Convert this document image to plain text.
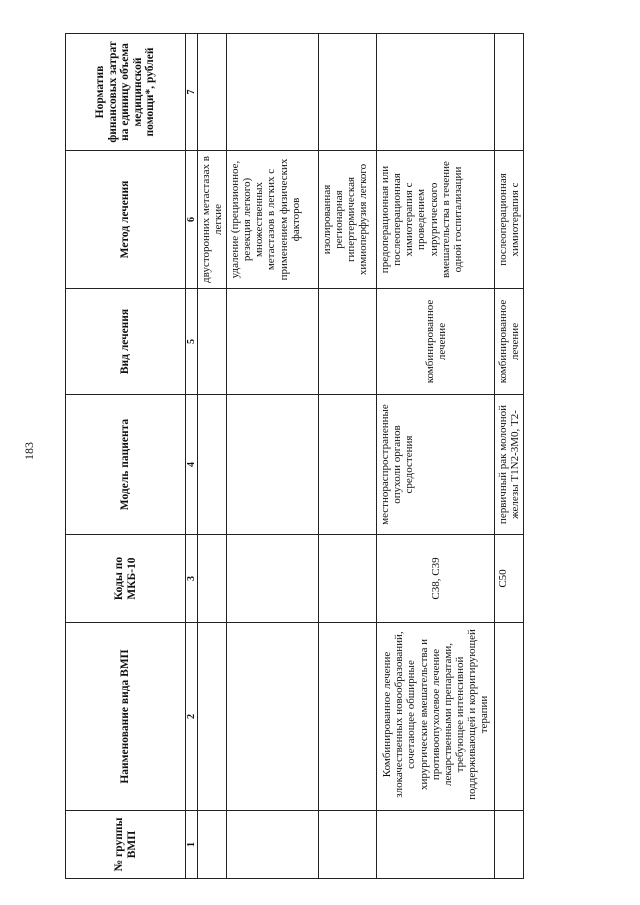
183
№ группы ВМП	Наименование вида ВМП	Коды по МКБ-10	Модель пациента	Вид лечения	Метод лечения	Норматив финансовых затрат на единицу объема медицинской помощи*, рублей
1	2	3	4	5	6	7
					двусторонних метастазах в легкие	
					удаление (прецизионное, резекция легкого) множественных метастазов в легких с применением физических факторов	
					изолированная регионарная гипертермическая химиоперфузия легкого	
	Комбинированное лечение злокачественных новообразований, сочетающее обширные хирургические вмешательства и противоопухолевое лечение лекарственными препаратами, требующее интенсивной поддерживающей и корригирующей терапии	С38, С39	местнораспространенные опухоли органов средостения	комбинированное лечение	предоперационная или послеоперационная химиотерапия с проведением хирургического вмешательства в течение одной госпитализации	
		С50	первичный рак молочной железы Т1N2-3M0, Т2-	комбинированное лечение	послеоперационная химиотерапия с	
